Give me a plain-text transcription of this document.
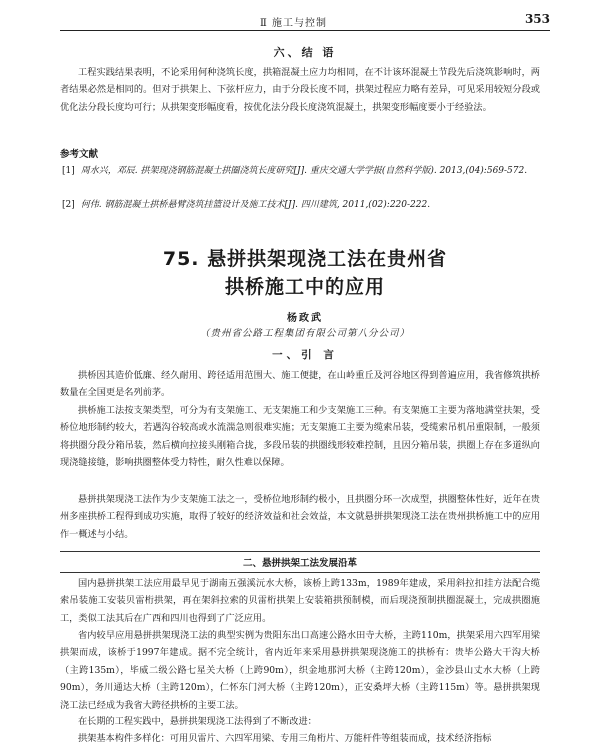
Ⅱ 施工与控制	353
六、结 语

工程实践结果表明，不论采用何种浇筑长度，拱箱混凝土应力均相同，在不计该环混凝土节段先后浇筑影响时，两者结果必然是相同的。但对于拱架上、下弦杆应力，由于分段长度不同，拱架过程应力略有差异，可见采用较短分段或优化法分段长度均可行；从拱架变形幅度看，按优化法分段长度浇筑混凝土，拱架变形幅度要小于经验法。

参考文献
[1] 周水兴，邓辰. 拱架现浇钢筋混凝土拱圈浇筑长度研究[J]. 重庆交通大学学报(自然科学版). 2013,(04):569-572.
[2] 何伟. 钢筋混凝土拱桥悬臂浇筑挂篮设计及施工技术[J]. 四川建筑, 2011,(02):220-222.
75. 悬拼拱架现浇工法在贵州省
拱桥施工中的应用
杨政武
（贵州省公路工程集团有限公司第八分公司）
一、引 言

拱桥因其造价低廉、经久耐用、跨径适用范围大、施工便捷，在山岭重丘及河谷地区得到普遍应用，我省修筑拱桥数量在全国更是名列前茅。

拱桥施工法按支架类型，可分为有支架施工、无支架施工和少支架施工三种。有支架施工主要为落地满堂扶架，受桥位地形制约较大，若遇沟谷较高或水流湍急则很难实施；无支架施工主要为缆索吊装，受缆索吊机吊重限制，一般须将拱圈分段分箱吊装，然后横向拉接头刚箱合拢，多段吊装的拱圈线形较难控制，且因分箱吊装，拱圈上存在多道纵向现浇缝接缝，影响拱圈整体受力特性，耐久性难以保障。

悬拼拱架现浇工法作为少支架施工法之一，受桥位地形制约极小，且拱圈分环一次成型，拱圈整体性好，近年在贵州多座拱桥工程得到成功实施，取得了较好的经济效益和社会效益，本文就悬拼拱架现浇工法在贵州拱桥施工中的应用作一概述与小结。

二、悬拼拱架工法发展沿革

国内悬拼拱架工法应用最早见于湖南五强溪沅水大桥，该桥上跨133m，1989年建成，采用斜拉扣挂方法配合缆索吊装施工安装贝雷桁拱架，再在架斜拉索的贝雷桁拱架上安装箱拱预制模，而后现浇预制拱圈混凝土，完成拱圈施工，类似工法其后在广西和四川也得到了广泛应用。

省内较早应用悬拼拱架现浇工法的典型实例为贵阳东出口高速公路水田寺大桥，主跨110m，拱架采用六四军用梁拱架而成，该桥于1997年建成。据不完全统计，省内近年来采用悬拼拱架现浇施工的拱桥有：贵毕公路大干沟大桥（主跨135m），毕威二级公路七星关大桥（上跨90m），织金地那河大桥（主跨120m），金沙县山丈水大桥（上跨90m），务川通达大桥（主跨120m），仁怀东门河大桥（主跨120m），正安桑坪大桥（主跨115m）等。悬拼拱架现浇工法已经成为我省大跨径拱桥的主要工法。

在长期的工程实践中，悬拼拱架现浇工法得到了不断改进：

拱架基本构件多样化：可用贝雷片、六四军用梁、专用三角桁片、万能杆件等组装而成，技术经济指标
